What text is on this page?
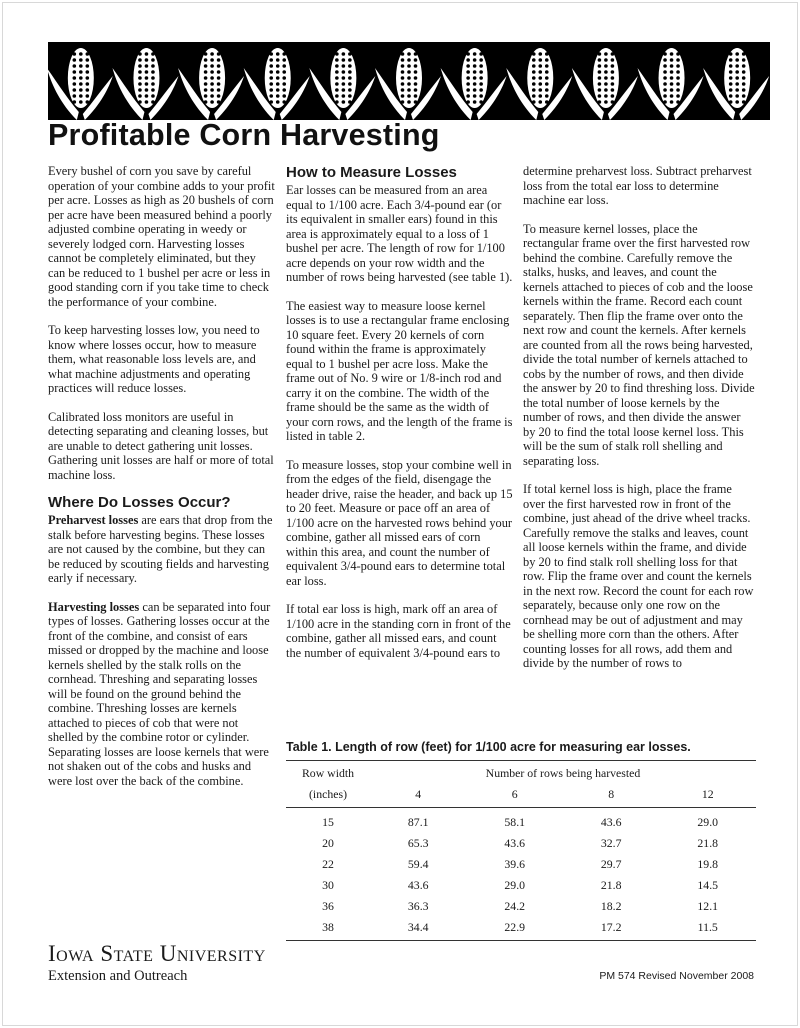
Profitable Corn Harvesting

Every bushel of corn you save by careful operation of your combine adds to your profit per acre. Losses as high as 20 bushels of corn per acre have been measured behind a poorly adjusted combine operating in weedy or severely lodged corn. Harvesting losses cannot be completely eliminated, but they can be reduced to 1 bushel per acre or less in good standing corn if you take time to check the performance of your combine.

To keep harvesting losses low, you need to know where losses occur, how to measure them, what reasonable loss levels are, and what machine adjustments and operating practices will reduce losses.

Calibrated loss monitors are useful in detecting separating and cleaning losses, but are unable to detect gathering unit losses. Gathering unit losses are half or more of total machine loss.

Where Do Losses Occur?

Preharvest losses are ears that drop from the stalk before harvesting begins. These losses are not caused by the combine, but they can be reduced by scouting fields and harvesting early if necessary.

Harvesting losses can be separated into four types of losses. Gathering losses occur at the front of the combine, and consist of ears missed or dropped by the machine and loose kernels shelled by the stalk rolls on the cornhead. Threshing and separating losses will be found on the ground behind the combine. Threshing losses are kernels attached to pieces of cob that were not shelled by the combine rotor or cylinder. Separating losses are loose kernels that were not shaken out of the cobs and husks and were lost over the back of the combine.

How to Measure Losses

Ear losses can be measured from an area equal to 1/100 acre. Each 3/4-pound ear (or its equivalent in smaller ears) found in this area is approximately equal to a loss of 1 bushel per acre. The length of row for 1/100 acre depends on your row width and the number of rows being harvested (see table 1).

The easiest way to measure loose kernel losses is to use a rectangular frame enclosing 10 square feet. Every 20 kernels of corn found within the frame is approximately equal to 1 bushel per acre loss. Make the frame out of No. 9 wire or 1/8-inch rod and carry it on the combine. The width of the frame should be the same as the width of your corn rows, and the length of the frame is listed in table 2.

To measure losses, stop your combine well in from the edges of the field, disengage the header drive, raise the header, and back up 15 to 20 feet. Measure or pace off an area of 1/100 acre on the harvested rows behind your combine, gather all missed ears of corn within this area, and count the number of equivalent 3/4-pound ears to determine total ear loss.

If total ear loss is high, mark off an area of 1/100 acre in the standing corn in front of the combine, gather all missed ears, and count the number of equivalent 3/4-pound ears to

determine preharvest loss. Subtract preharvest loss from the total ear loss to determine machine ear loss.

To measure kernel losses, place the rectangular frame over the first harvested row behind the combine. Carefully remove the stalks, husks, and leaves, and count the kernels attached to pieces of cob and the loose kernels within the frame. Record each count separately. Then flip the frame over onto the next row and count the kernels. After kernels are counted from all the rows being harvested, divide the total number of kernels attached to cobs by the number of rows, and then divide the answer by 20 to find threshing loss. Divide the total number of loose kernels by the number of rows, and then divide the answer by 20 to find the total loose kernel loss. This will be the sum of stalk roll shelling and separating loss.

If total kernel loss is high, place the frame over the first harvested row in front of the combine, just ahead of the drive wheel tracks. Carefully remove the stalks and leaves, count all loose kernels within the frame, and divide by 20 to find stalk roll shelling loss for that row. Flip the frame over and count the kernels in the next row. Record the count for each row separately, because only one row on the cornhead may be out of adjustment and may be shelling more corn than the others. After counting losses for all rows, add them and divide by the number of rows to

Table 1. Length of row (feet) for 1/100 acre for measuring ear losses.

Row width	Number of rows being harvested			
(inches)	4	6	8	12
15	87.1	58.1	43.6	29.0
20	65.3	43.6	32.7	21.8
22	59.4	39.6	29.7	19.8
30	43.6	29.0	21.8	14.5
36	36.3	24.2	18.2	12.1
38	34.4	22.9	17.2	11.5

Iowa State University

Extension and Outreach	PM 574 Revised November 2008
